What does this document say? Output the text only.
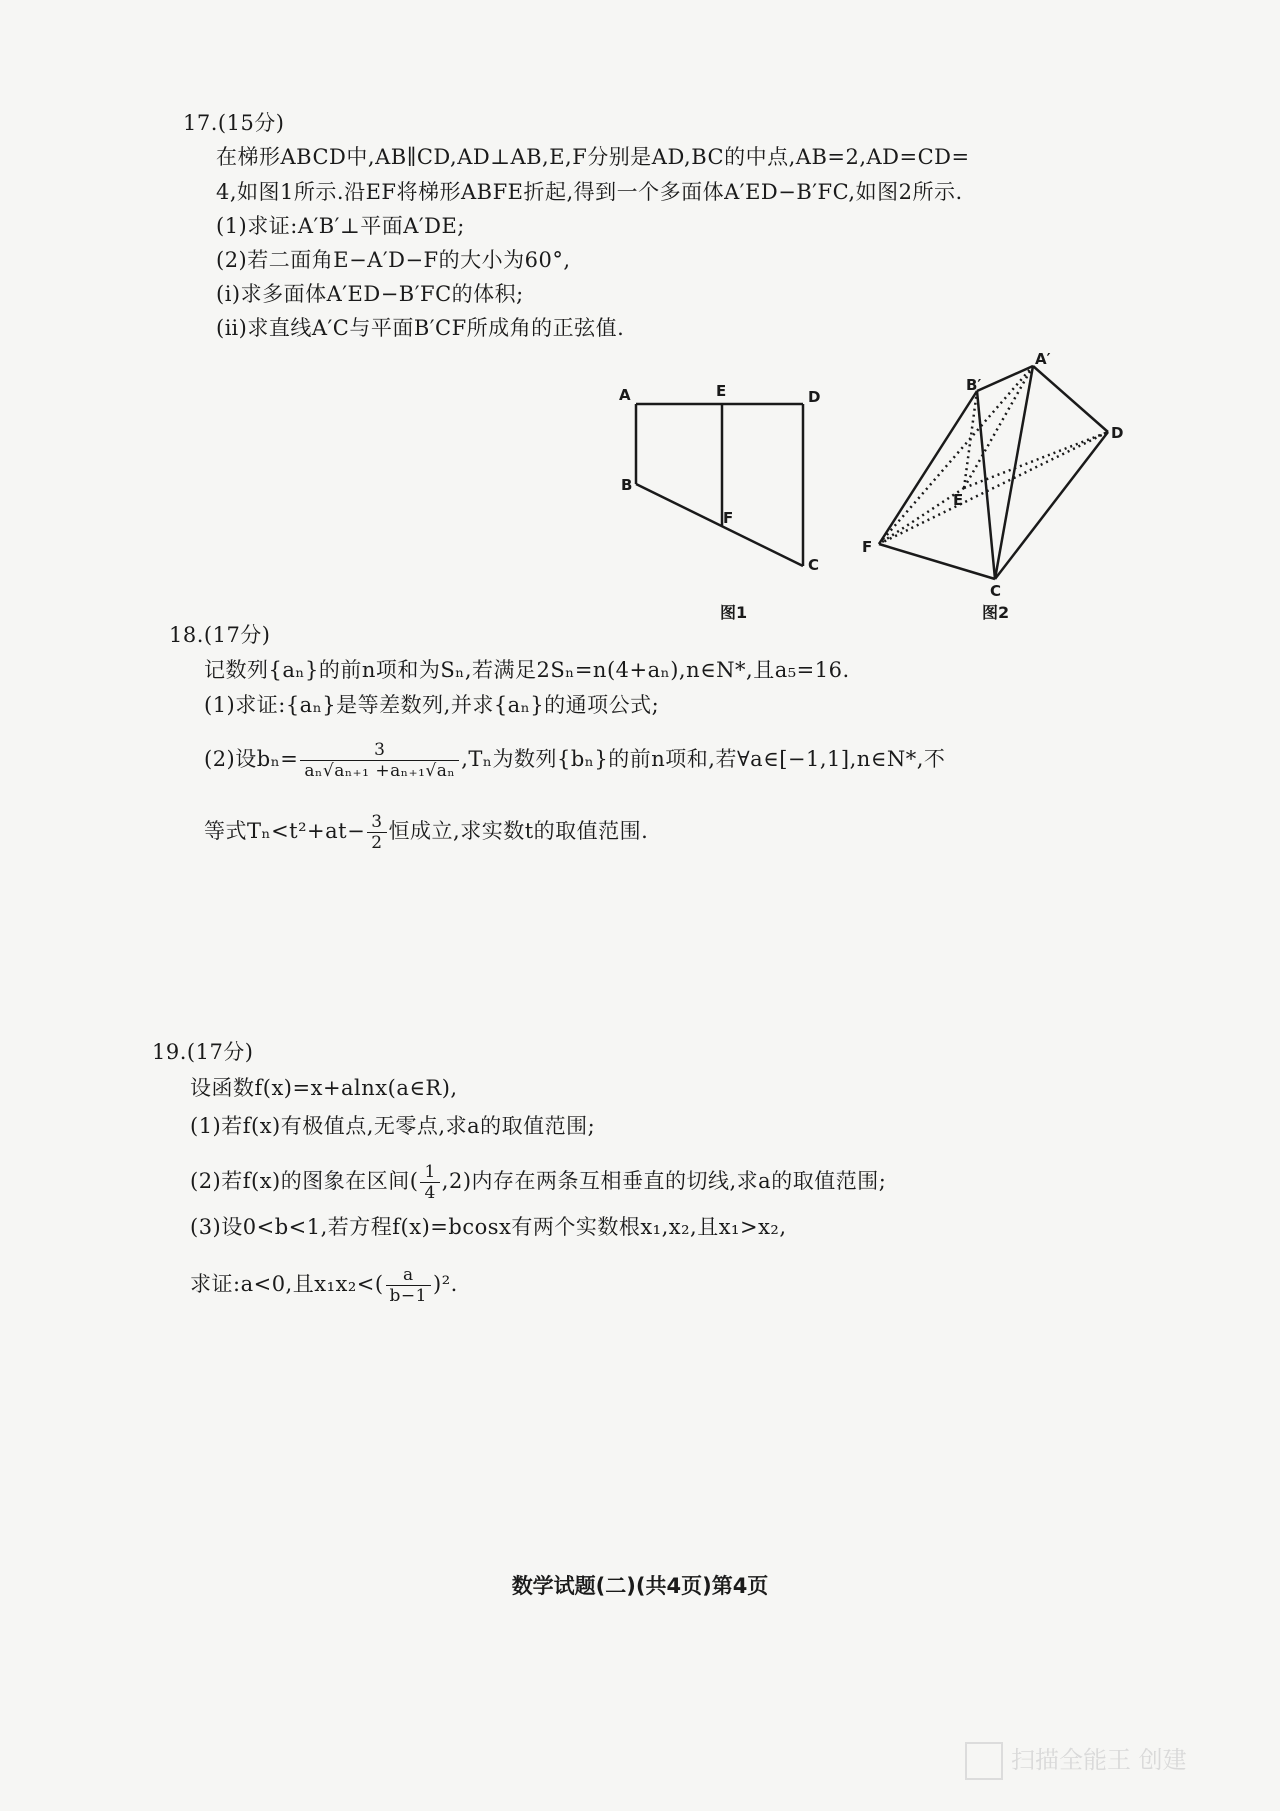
17.(15分)
在梯形ABCD中,AB∥CD,AD⊥AB,E,F分别是AD,BC的中点,AB=2,AD=CD=
4,如图1所示.沿EF将梯形ABFE折起,得到一个多面体A′ED−B′FC,如图2所示.
(1)求证:A′B′⊥平面A′DE;
(2)若二面角E−A′D−F的大小为60°,
(ⅰ)求多面体A′ED−B′FC的体积;
(ⅱ)求直线A′C与平面B′CF所成角的正弦值.
A	E	D
B
F
C
图1
A′
B′
E
D
F
C
图2
18.(17分)
记数列{aₙ}的前n项和为Sₙ,若满足2Sₙ=n(4+aₙ),n∈N*,且a₅=16.
(1)求证:{aₙ}是等差数列,并求{aₙ}的通项公式;
(2)设$b_n= \frac{3}{\text{aₙ√aₙ₊₁ +aₙ₊₁√aₙ}} ,T_n$为数列{bₙ}的前n项和,若∀a∈[−1,1],n∈N*,不
等式$T_n<t^2+at- \frac{3}{2}$ 恒成立,求实数t的取值范围.
19.(17分)
设函数f(x)=x+alnx(a∈R),
(1)若f(x)有极值点,无零点,求a的取值范围;
(2)若f(x)的图象在区间( $\frac{1}{4} ,2$)内存在两条互相垂直的切线,求a的取值范围;
(3)设0<b<1,若方程f(x)=bcosx有两个实数根x₁,x₂,且x₁>x₂,
求证:a<0,且$x_1x_2<( \frac{a}{b-1} )^2$.
数学试题(二)(共4页)第4页
扫描全能王 创建
